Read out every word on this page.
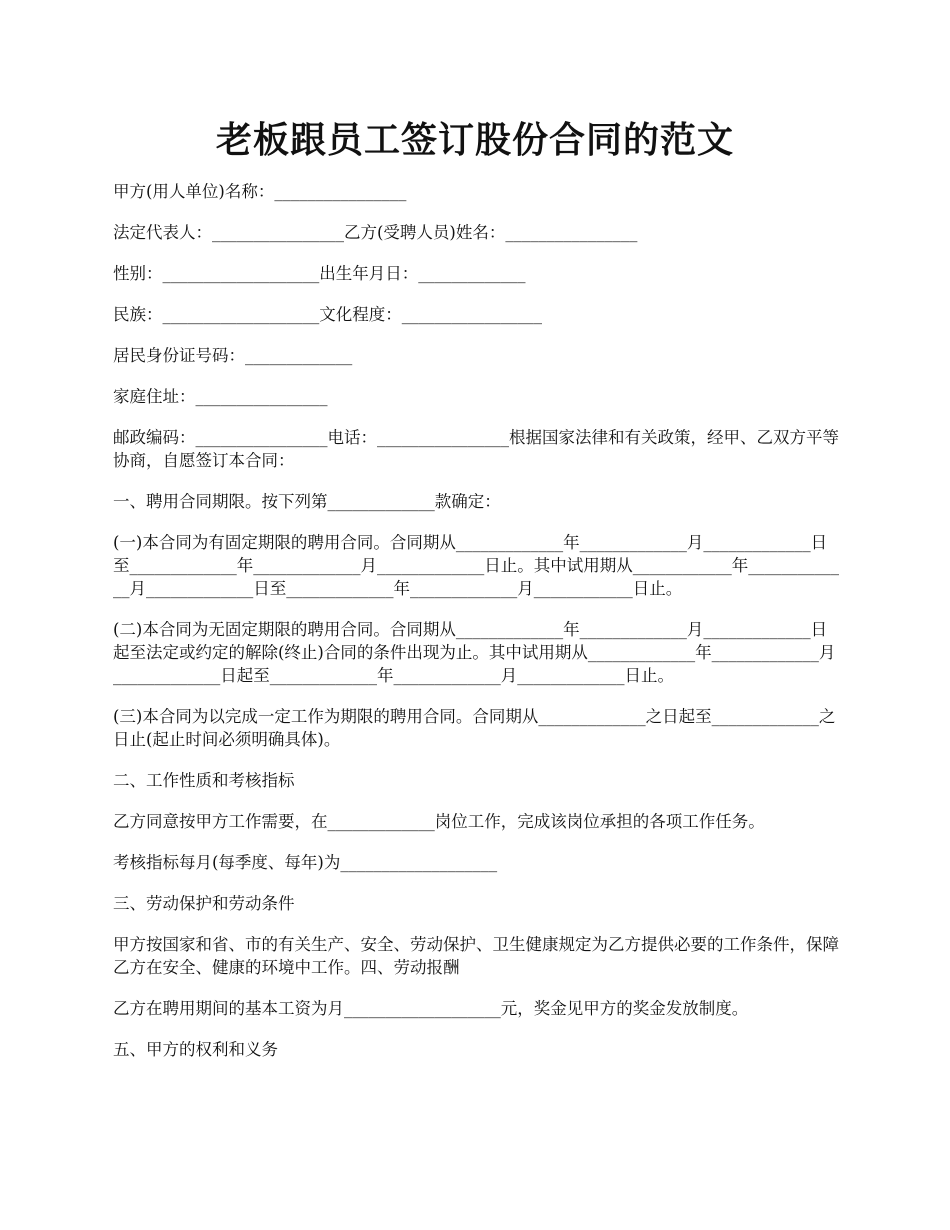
老板跟员工签订股份合同的范文

甲方(用人单位)名称：________________

法定代表人：________________乙方(受聘人员)姓名：________________

性别：___________________出生年月日：_____________

民族：___________________文化程度：_________________

居民身份证号码：_____________

家庭住址：________________

邮政编码：________________电话：________________根据国家法律和有关政策，经甲、乙双方平等协商，自愿签订本合同：

一、聘用合同期限。按下列第_____________款确定：

(一)本合同为有固定期限的聘用合同。合同期从_____________年_____________月_____________日至_____________年_____________月_____________日止。其中试用期从____________年_____________月_____________日至_____________年_____________月____________日止。

(二)本合同为无固定期限的聘用合同。合同期从_____________年_____________月_____________日起至法定或约定的解除(终止)合同的条件出现为止。其中试用期从_____________年_____________月_____________日起至_____________年_____________月_____________日止。

(三)本合同为以完成一定工作为期限的聘用合同。合同期从_____________之日起至_____________之日止(起止时间必须明确具体)。

二、工作性质和考核指标

乙方同意按甲方工作需要，在_____________岗位工作，完成该岗位承担的各项工作任务。

考核指标每月(每季度、每年)为___________________

三、劳动保护和劳动条件

甲方按国家和省、市的有关生产、安全、劳动保护、卫生健康规定为乙方提供必要的工作条件，保障乙方在安全、健康的环境中工作。四、劳动报酬

乙方在聘用期间的基本工资为月___________________元，奖金见甲方的奖金发放制度。

五、甲方的权利和义务
